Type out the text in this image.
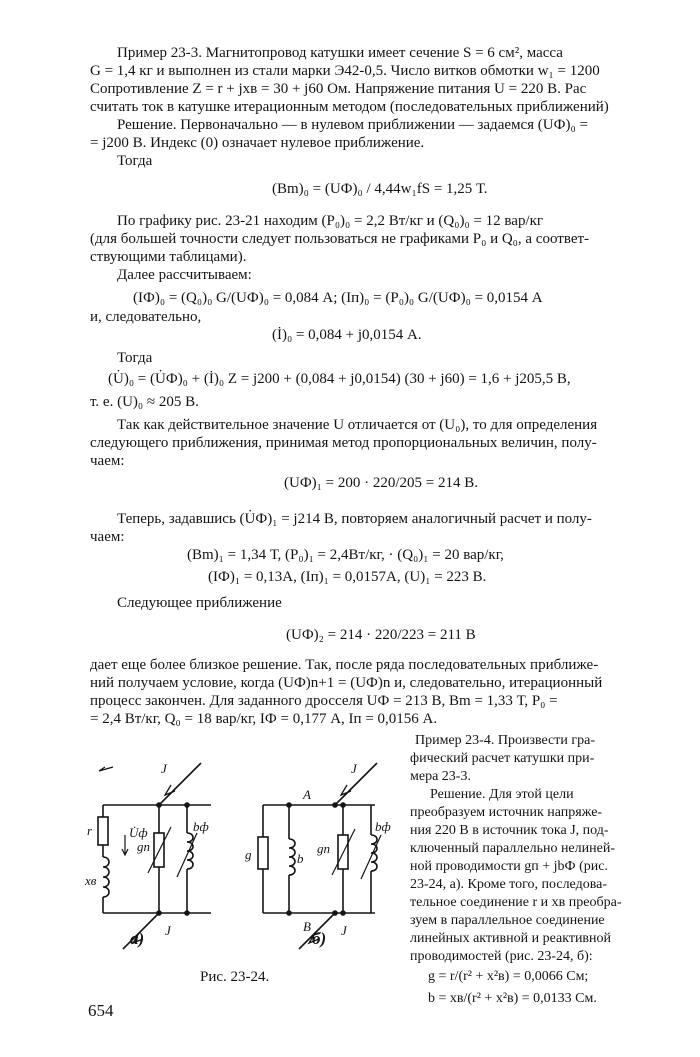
Пример 23-3. Магнитопровод катушки имеет сечение S = 6 см², масса
G = 1,4 кг и выполнен из стали марки Э42-0,5. Число витков обмотки w₁ = 1200
Сопротивление Z = r + jxв = 30 + j60 Ом. Напряжение питания U = 220 В. Рас
считать ток в катушке итерационным методом (последовательных приближений)
Решение. Первоначально — в нулевом приближении — задаемся (UФ)₀ =
= j200 В. Индекс (0) означает нулевое приближение.
Тогда
(Bm)₀ = (UФ)₀ / 4,44w₁fS = 1,25 Т.
По графику рис. 23-21 находим (P₀)₀ = 2,2 Вт/кг и (Q₀)₀ = 12 вар/кг
(для большей точности следует пользоваться не графиками P₀ и Q₀, а соответ-
ствующими таблицами).
Далее рассчитываем:
(IФ)₀ = (Q₀)₀ G/(UФ)₀ = 0,084 А; (Iп)₀ = (P₀)₀ G/(UФ)₀ = 0,0154 А
и, следовательно,
(İ)₀ = 0,084 + j0,0154 А.
Тогда
(U̇)₀ = (U̇Ф)₀ + (İ)₀ Z = j200 + (0,084 + j0,0154) (30 + j60) = 1,6 + j205,5 В,
т. е. (U)₀ ≈ 205 В.
Так как действительное значение U отличается от (U₀), то для определения
следующего приближения, принимая метод пропорциональных величин, полу-
чаем:
(UФ)₁ = 200 · 220/205 = 214 В.
Теперь, задавшись (U̇Ф)₁ = j214 В, повторяем аналогичный расчет и полу-
чаем:
(Bm)₁ = 1,34 Т, (P₀)₁ = 2,4Вт/кг, · (Q₀)₁ = 20 вар/кг,
(IФ)₁ = 0,13А, (Iп)₁ = 0,0157А, (U)₁ = 223 В.
Следующее приближение
(UФ)₂ = 214 · 220/223 = 211 В
дает еще более близкое решение. Так, после ряда последовательных приближе-
ний получаем условие, когда (UФ)n+1 = (UФ)n и, следовательно, итерационный
процесс закончен. Для заданного дросселя UФ = 213 В, Bm = 1,33 Т, P₀ =
= 2,4 Вт/кг, Q₀ = 18 вар/кг, IФ = 0,177 А, Iп = 0,0156 А.
Пример 23-4. Произвести гра-
фический расчет катушки при-
мера 23-3.
Решение. Для этой цели
преобразуем источник напряже-
ния 220 В в источник тока J, под-
ключенный параллельно нелиней-
ной проводимости gп + jbФ (рис.
23-24, а). Кроме того, последова-
тельное соединение r и xв преобра-
зуем в параллельное соединение
линейных активной и реактивной
проводимостей (рис. 23-24, б):
g = r/(r² + x²в) = 0,0066 См;
b = xв/(r² + x²в) = 0,0133 См.
J
r	U̇ф
gп
bф
xв
J
J
A
g	b
gп
bф
B J
а)	б)
Рис. 23-24.
654
